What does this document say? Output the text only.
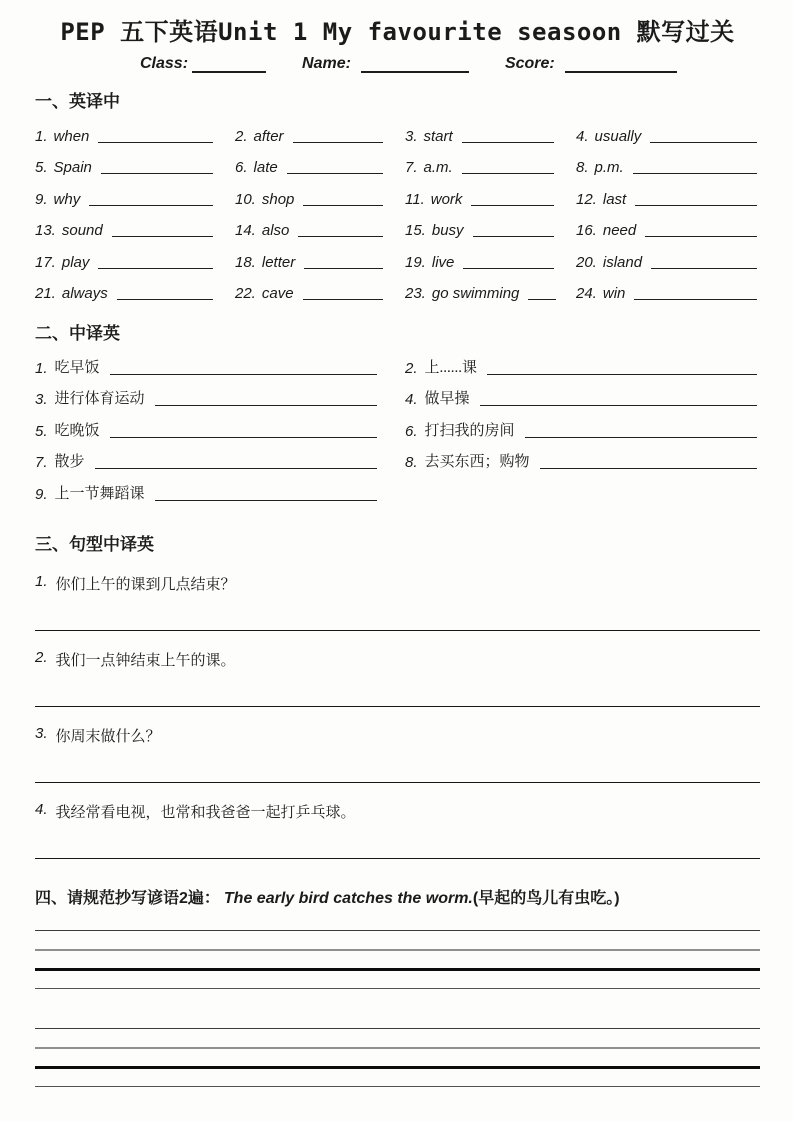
PEP 五下英语Unit 1 My favourite seasoon 默写过关
Class:	Name:	Score:
一、英译中
1. when	2. after	3. start	4. usually
5. Spain	6. late	7. a.m.	8. p.m.
9. why	10. shop	11. work	12. last
13. sound	14. also	15. busy	16. need
17. play	18. letter	19. live	20. island
21. always	22. cave	23. go swimming	24. win
二、中译英
1. 吃早饭	2. 上......课
3. 进行体育运动	4. 做早操
5. 吃晚饭	6. 打扫我的房间
7. 散步	8. 去买东西；购物
9. 上一节舞蹈课
三、句型中译英
1. 你们上午的课到几点结束？
2. 我们一点钟结束上午的课。
3. 你周末做什么？
4. 我经常看电视，也常和我爸爸一起打乒乓球。
四、请规范抄写谚语2遍： The early bird catches the worm.(早起的鸟儿有虫吃。)
